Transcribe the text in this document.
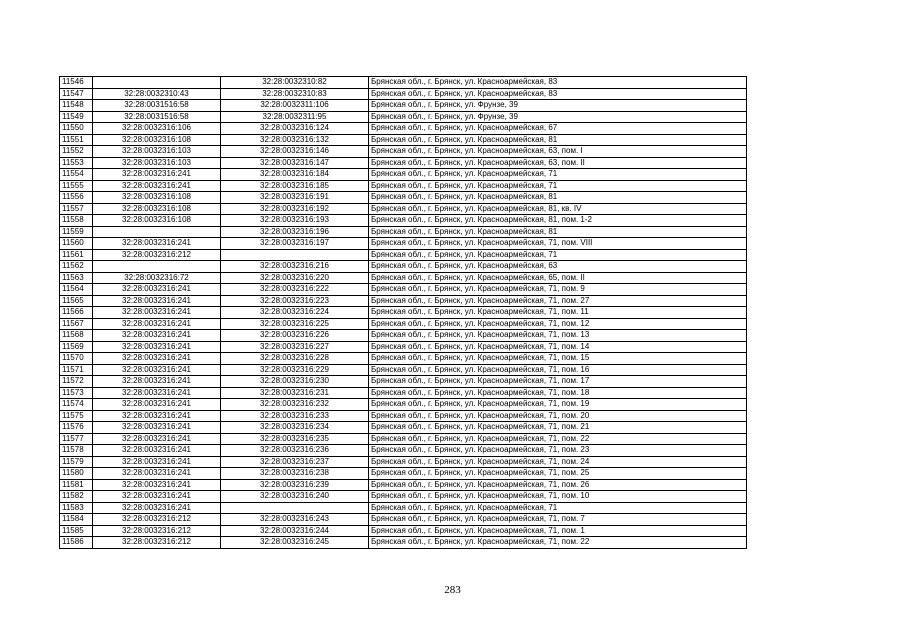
11546		32:28:0032310:82	Брянская обл., г. Брянск, ул. Красноармейская, 83
11547	32:28:0032310:43	32:28:0032310:83	Брянская обл., г. Брянск, ул. Красноармейская, 83
11548	32:28:0031516:58	32:28:0032311:106	Брянская обл., г. Брянск, ул. Фрунзе, 39
11549	32:28:0031516:58	32:28:0032311:95	Брянская обл., г. Брянск, ул. Фрунзе, 39
11550	32:28:0032316:106	32:28:0032316:124	Брянская обл., г. Брянск, ул. Красноармейская, 67
11551	32:28:0032316:108	32:28:0032316:132	Брянская обл., г. Брянск, ул. Красноармейская, 81
11552	32:28:0032316:103	32:28:0032316:146	Брянская обл., г. Брянск, ул. Красноармейская, 63, пом. I
11553	32:28:0032316:103	32:28:0032316:147	Брянская обл., г. Брянск, ул. Красноармейская, 63, пом. II
11554	32:28:0032316:241	32:28:0032316:184	Брянская обл., г. Брянск, ул. Красноармейская, 71
11555	32:28:0032316:241	32:28:0032316:185	Брянская обл., г. Брянск, ул. Красноармейская, 71
11556	32:28:0032316:108	32:28:0032316:191	Брянская обл., г. Брянск, ул. Красноармейская, 81
11557	32:28:0032316:108	32:28:0032316:192	Брянская обл., г. Брянск, ул. Красноармейская, 81, кв. IV
11558	32:28:0032316:108	32:28:0032316:193	Брянская обл., г. Брянск, ул. Красноармейская, 81, пом. 1-2
11559		32:28:0032316:196	Брянская обл., г. Брянск, ул. Красноармейская, 81
11560	32:28:0032316:241	32:28:0032316:197	Брянская обл., г. Брянск, ул. Красноармейская, 71, пом. VIII
11561	32:28:0032316:212		Брянская обл., г. Брянск, ул. Красноармейская, 71
11562		32:28:0032316:216	Брянская обл., г. Брянск, ул. Красноармейская, 63
11563	32:28:0032316:72	32:28:0032316:220	Брянская обл., г. Брянск, ул. Красноармейская, 65, пом. II
11564	32:28:0032316:241	32:28:0032316:222	Брянская обл., г. Брянск, ул. Красноармейская, 71, пом. 9
11565	32:28:0032316:241	32:28:0032316:223	Брянская обл., г. Брянск, ул. Красноармейская, 71, пом. 27
11566	32:28:0032316:241	32:28:0032316:224	Брянская обл., г. Брянск, ул. Красноармейская, 71, пом. 11
11567	32:28:0032316:241	32:28:0032316:225	Брянская обл., г. Брянск, ул. Красноармейская, 71, пом. 12
11568	32:28:0032316:241	32:28:0032316:226	Брянская обл., г. Брянск, ул. Красноармейская, 71, пом. 13
11569	32:28:0032316:241	32:28:0032316:227	Брянская обл., г. Брянск, ул. Красноармейская, 71, пом. 14
11570	32:28:0032316:241	32:28:0032316:228	Брянская обл., г. Брянск, ул. Красноармейская, 71, пом. 15
11571	32:28:0032316:241	32:28:0032316:229	Брянская обл., г. Брянск, ул. Красноармейская, 71, пом. 16
11572	32:28:0032316:241	32:28:0032316:230	Брянская обл., г. Брянск, ул. Красноармейская, 71, пом. 17
11573	32:28:0032316:241	32:28:0032316:231	Брянская обл., г. Брянск, ул. Красноармейская, 71, пом. 18
11574	32:28:0032316:241	32:28:0032316:232	Брянская обл., г. Брянск, ул. Красноармейская, 71, пом. 19
11575	32:28:0032316:241	32:28:0032316:233	Брянская обл., г. Брянск, ул. Красноармейская, 71, пом. 20
11576	32:28:0032316:241	32:28:0032316:234	Брянская обл., г. Брянск, ул. Красноармейская, 71, пом. 21
11577	32:28:0032316:241	32:28:0032316:235	Брянская обл., г. Брянск, ул. Красноармейская, 71, пом. 22
11578	32:28:0032316:241	32:28:0032316:236	Брянская обл., г. Брянск, ул. Красноармейская, 71, пом. 23
11579	32:28:0032316:241	32:28:0032316:237	Брянская обл., г. Брянск, ул. Красноармейская, 71, пом. 24
11580	32:28:0032316:241	32:28:0032316:238	Брянская обл., г. Брянск, ул. Красноармейская, 71, пом. 25
11581	32:28:0032316:241	32:28:0032316:239	Брянская обл., г. Брянск, ул. Красноармейская, 71, пом. 26
11582	32:28:0032316:241	32:28:0032316:240	Брянская обл., г. Брянск, ул. Красноармейская, 71, пом. 10
11583	32:28:0032316:241		Брянская обл., г. Брянск, ул. Красноармейская, 71
11584	32:28:0032316:212	32:28:0032316:243	Брянская обл., г. Брянск, ул. Красноармейская, 71, пом. 7
11585	32:28:0032316:212	32:28:0032316:244	Брянская обл., г. Брянск, ул. Красноармейская, 71, пом. 1
11586	32:28:0032316:212	32:28:0032316:245	Брянская обл., г. Брянск, ул. Красноармейская, 71, пом. 22
283
